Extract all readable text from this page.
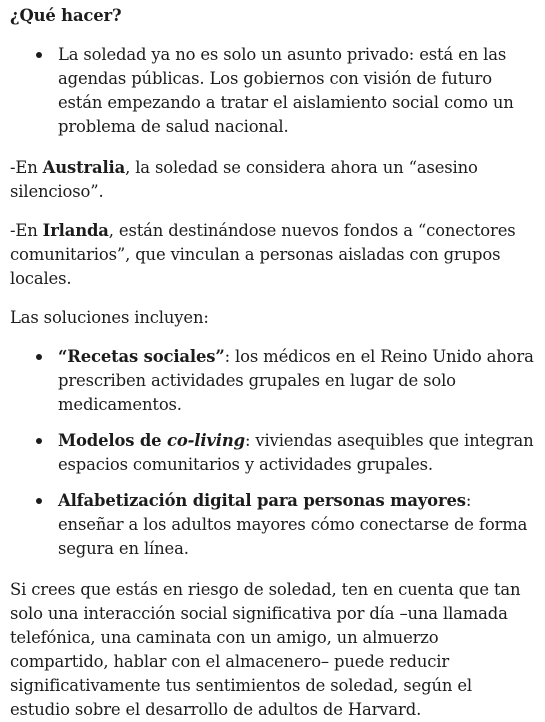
¿Qué hacer?
La soledad ya no es solo un asunto privado: está en las agendas públicas. Los gobiernos con visión de futuro están empezando a tratar el aislamiento social como un problema de salud nacional.

-En Australia, la soledad se considera ahora un “asesino silencioso”.

-En Irlanda, están destinándose nuevos fondos a “conectores comunitarios”, que vinculan a personas aisladas con grupos locales.

Las soluciones incluyen:

“Recetas sociales”: los médicos en el Reino Unido ahora prescriben actividades grupales en lugar de solo medicamentos.
Modelos de co-living: viviendas asequibles que integran espacios comunitarios y actividades grupales.
Alfabetización digital para personas mayores: enseñar a los adultos mayores cómo conectarse de forma segura en línea.

Si crees que estás en riesgo de soledad, ten en cuenta que tan solo una interacción social significativa por día –una llamada telefónica, una caminata con un amigo, un almuerzo compartido, hablar con el almacenero– puede reducir significativamente tus sentimientos de soledad, según el estudio sobre el desarrollo de adultos de Harvard.
